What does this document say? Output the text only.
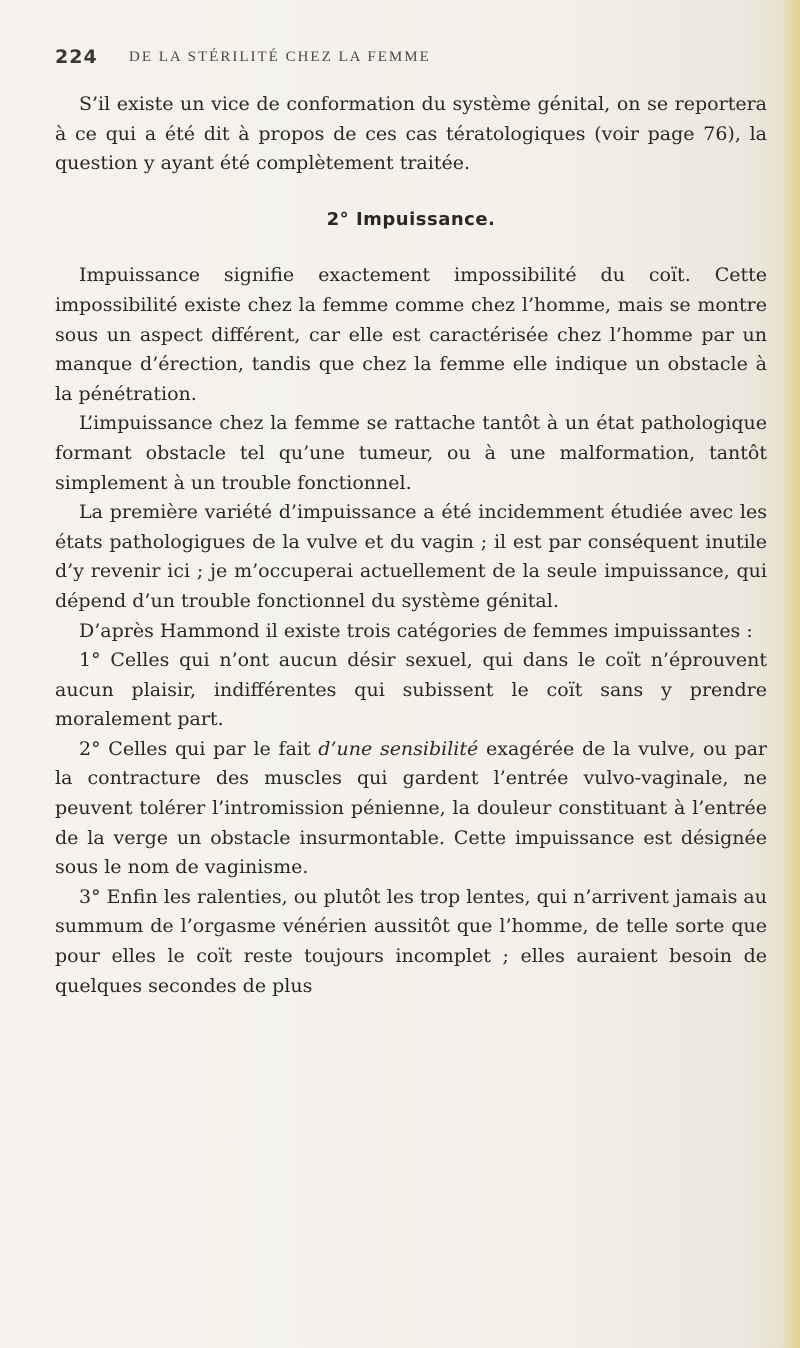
224 DE LA STÉRILITÉ CHEZ LA FEMME

S’il existe un vice de conformation du système génital, on se reportera à ce qui a été dit à propos de ces cas tératologiques (voir page 76), la question y ayant été complètement traitée.

2° Impuissance.

Impuissance signifie exactement impossibilité du coït. Cette impossibilité existe chez la femme comme chez l’homme, mais se montre sous un aspect différent, car elle est caractérisée chez l’homme par un manque d’érection, tandis que chez la femme elle indique un obstacle à la pénétration.

L’impuissance chez la femme se rattache tantôt à un état pathologique formant obstacle tel qu’une tumeur, ou à une malformation, tantôt simplement à un trouble fonctionnel.

La première variété d’impuissance a été incidemment étudiée avec les états pathologigues de la vulve et du vagin ; il est par conséquent inutile d’y revenir ici ; je m’occuperai actuellement de la seule impuissance, qui dépend d’un trouble fonctionnel du système génital.

D’après Hammond il existe trois catégories de femmes impuissantes :

1° Celles qui n’ont aucun désir sexuel, qui dans le coït n’éprouvent aucun plaisir, indifférentes qui subissent le coït sans y prendre moralement part.

2° Celles qui par le fait d’une sensibilité exagérée de la vulve, ou par la contracture des muscles qui gardent l’entrée vulvo-vaginale, ne peuvent tolérer l’intromission pénienne, la douleur constituant à l’entrée de la verge un obstacle insurmontable. Cette impuissance est désignée sous le nom de vaginisme.

3° Enfin les ralenties, ou plutôt les trop lentes, qui n’arrivent jamais au summum de l’orgasme vénérien aussitôt que l’homme, de telle sorte que pour elles le coït reste toujours incomplet ; elles auraient besoin de quelques secondes de plus
